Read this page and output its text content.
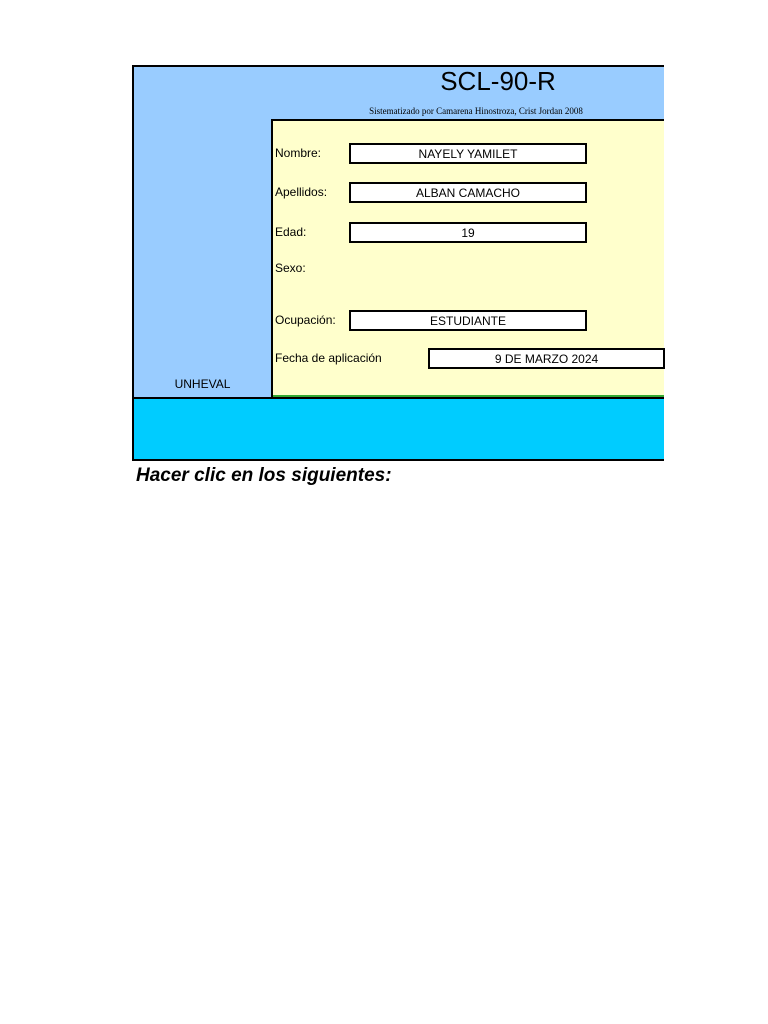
SCL-90-R
Sistematizado por Camarena Hinostroza, Crist Jordan 2008
Nombre:
NAYELY YAMILET
Apellidos:
ALBAN CAMACHO
Edad:
19
Sexo:
Ocupación:
ESTUDIANTE
Fecha de aplicación
9 DE MARZO 2024
UNHEVAL
Hacer clic en los siguientes:
